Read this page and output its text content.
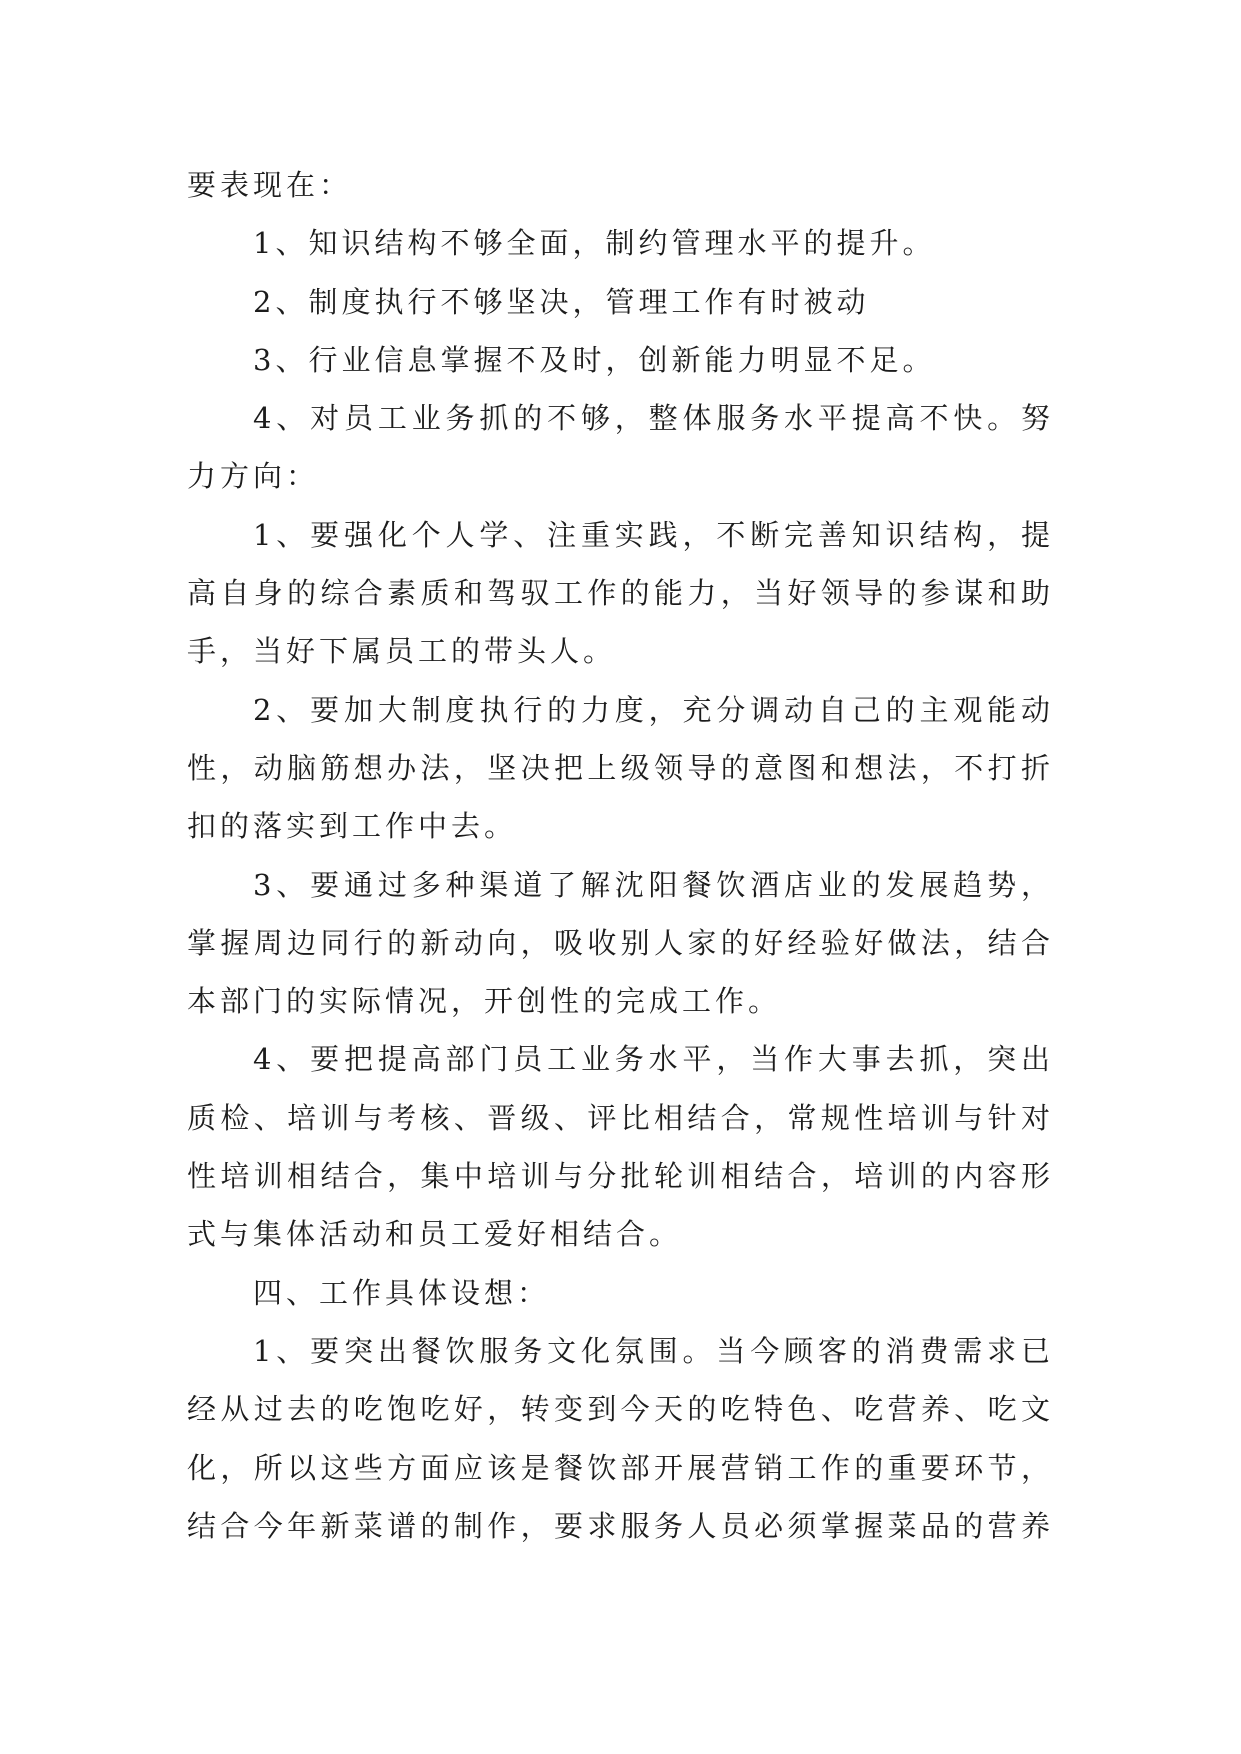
要表现在：
1、知识结构不够全面，制约管理水平的提升。
2、制度执行不够坚决，管理工作有时被动
3、行业信息掌握不及时，创新能力明显不足。
4、对员工业务抓的不够，整体服务水平提高不快。努
力方向：
1、要强化个人学、注重实践，不断完善知识结构，提
高自身的综合素质和驾驭工作的能力，当好领导的参谋和助
手，当好下属员工的带头人。
2、要加大制度执行的力度，充分调动自己的主观能动
性，动脑筋想办法，坚决把上级领导的意图和想法，不打折
扣的落实到工作中去。
3、要通过多种渠道了解沈阳餐饮酒店业的发展趋势，
掌握周边同行的新动向，吸收别人家的好经验好做法，结合
本部门的实际情况，开创性的完成工作。
4、要把提高部门员工业务水平，当作大事去抓，突出
质检、培训与考核、晋级、评比相结合，常规性培训与针对
性培训相结合，集中培训与分批轮训相结合，培训的内容形
式与集体活动和员工爱好相结合。
四、工作具体设想：
1、要突出餐饮服务文化氛围。当今顾客的消费需求已
经从过去的吃饱吃好，转变到今天的吃特色、吃营养、吃文
化，所以这些方面应该是餐饮部开展营销工作的重要环节，
结合今年新菜谱的制作，要求服务人员必须掌握菜品的营养
